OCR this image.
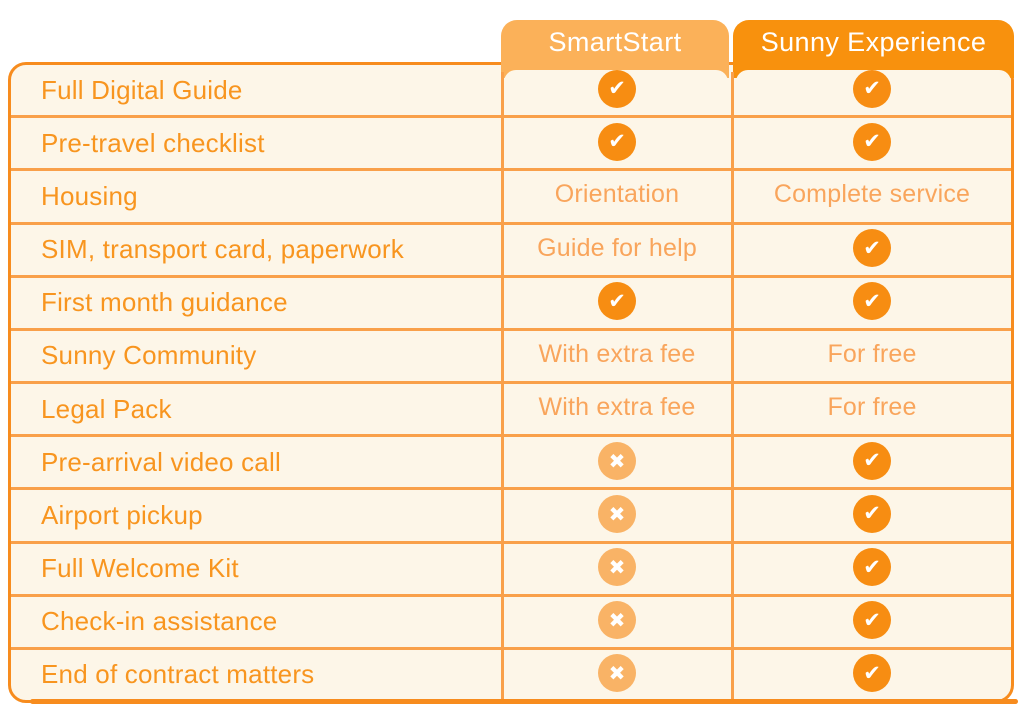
Full Digital Guide
Pre-travel checklist
Housing
SIM, transport card, paperwork
First month guidance
Sunny Community
Legal Pack
Pre-arrival video call
Airport pickup
Full Welcome Kit
Check-in assistance
End of contract matters
SmartStart	Sunny Experience
✔
✔
Orientation
Guide for help
✔
With extra fee
With extra fee
✖
✖
✖
✖
✖
✔
✔
Complete service
✔
✔
For free
For free
✔
✔
✔
✔
✔
